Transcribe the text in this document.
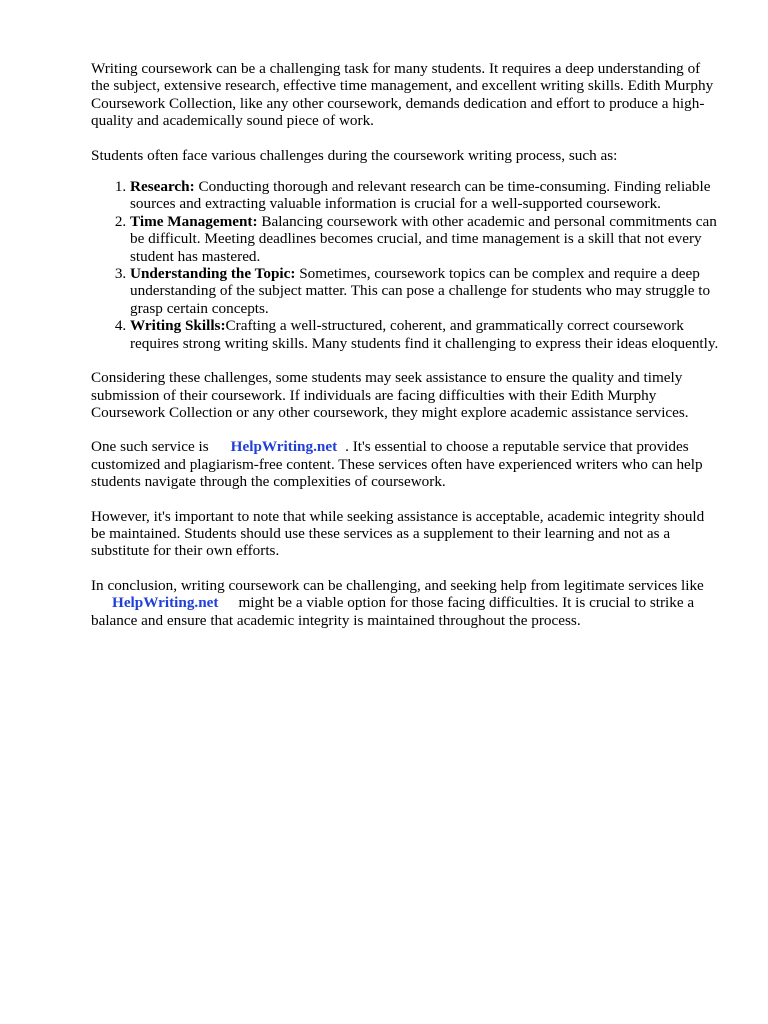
Writing coursework can be a challenging task for many students. It requires a deep understanding of the subject, extensive research, effective time management, and excellent writing skills. Edith Murphy Coursework Collection, like any other coursework, demands dedication and effort to produce a high-quality and academically sound piece of work.

Students often face various challenges during the coursework writing process, such as:

1. Research: Conducting thorough and relevant research can be time-consuming. Finding reliable sources and extracting valuable information is crucial for a well-supported coursework.
2. Time Management: Balancing coursework with other academic and personal commitments can be difficult. Meeting deadlines becomes crucial, and time management is a skill that not every student has mastered.
3. Understanding the Topic: Sometimes, coursework topics can be complex and require a deep understanding of the subject matter. This can pose a challenge for students who may struggle to grasp certain concepts.
4. Writing Skills:Crafting a well-structured, coherent, and grammatically correct coursework requires strong writing skills. Many students find it challenging to express their ideas eloquently.

Considering these challenges, some students may seek assistance to ensure the quality and timely submission of their coursework. If individuals are facing difficulties with their Edith Murphy Coursework Collection or any other coursework, they might explore academic assistance services.

One such service is HelpWriting.net . It's essential to choose a reputable service that provides customized and plagiarism-free content. These services often have experienced writers who can help students navigate through the complexities of coursework.

However, it's important to note that while seeking assistance is acceptable, academic integrity should be maintained. Students should use these services as a supplement to their learning and not as a substitute for their own efforts.

In conclusion, writing coursework can be challenging, and seeking help from legitimate services like
HelpWriting.net might be a viable option for those facing difficulties. It is crucial to strike a balance and ensure that academic integrity is maintained throughout the process.
